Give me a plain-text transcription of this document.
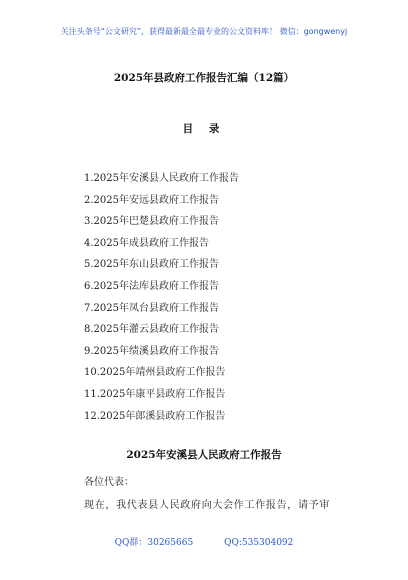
关注头条号“公文研究”，获得最新最全最专业的公文资料库！ 微信：gongwenyj
2025年县政府工作报告汇编（12篇）
目 录
1.2025年安溪县人民政府工作报告
2.2025年安远县政府工作报告
3.2025年巴楚县政府工作报告
4.2025年成县政府工作报告
5.2025年东山县政府工作报告
6.2025年法库县政府工作报告
7.2025年凤台县政府工作报告
8.2025年灌云县政府工作报告
9.2025年绩溪县政府工作报告
10.2025年靖州县政府工作报告
11.2025年康平县政府工作报告
12.2025年郎溪县政府工作报告
2025年安溪县人民政府工作报告
各位代表：
现在，我代表县人民政府向大会作工作报告，请予审
QQ群：30265665	QQ:535304092
